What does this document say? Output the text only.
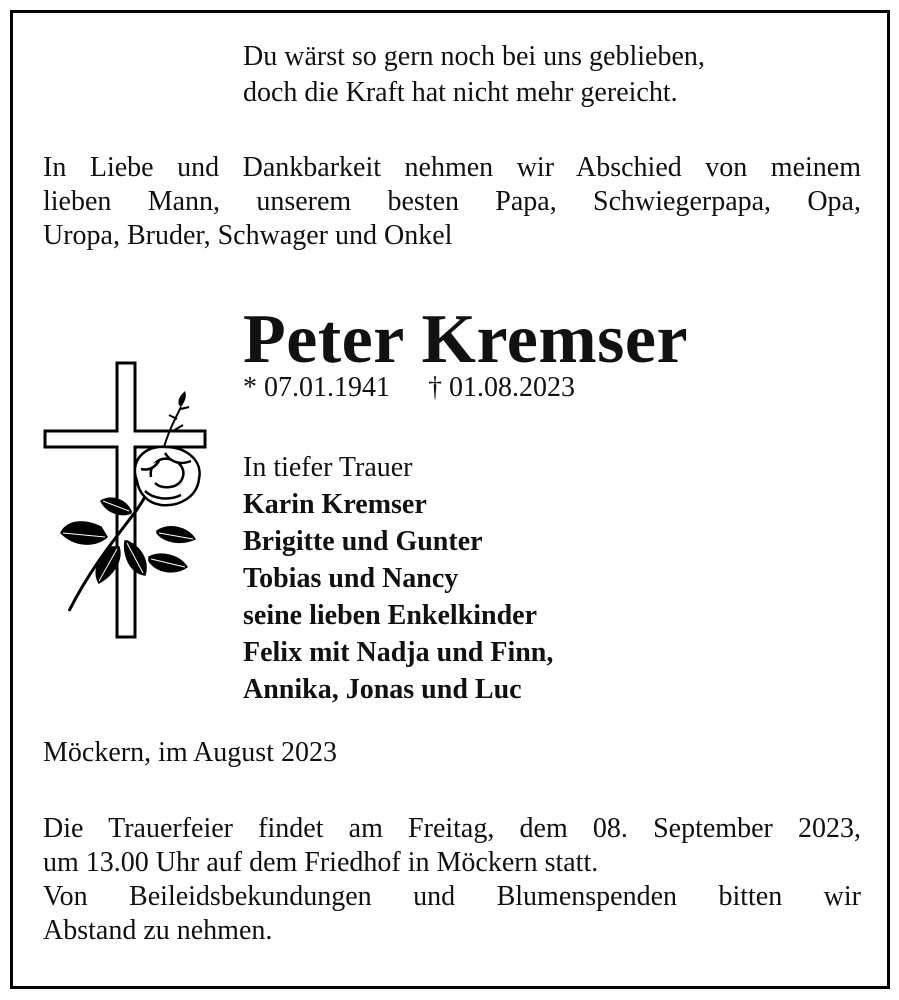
Du wärst so gern noch bei uns geblieben,
doch die Kraft hat nicht mehr gereicht.
In Liebe und Dankbarkeit nehmen wir Abschied von meinem
lieben Mann, unserem besten Papa, Schwiegerpapa, Opa,
Uropa, Bruder, Schwager und Onkel
Peter Kremser
* 07.01.1941 † 01.08.2023
In tiefer Trauer
Karin Kremser
Brigitte und Gunter
Tobias und Nancy
seine lieben Enkelkinder
Felix mit Nadja und Finn,
Annika, Jonas und Luc
Möckern, im August 2023
Die Trauerfeier findet am Freitag, dem 08. September 2023,
um 13.00 Uhr auf dem Friedhof in Möckern statt.
Von Beileidsbekundungen und Blumenspenden bitten wir
Abstand zu nehmen.
